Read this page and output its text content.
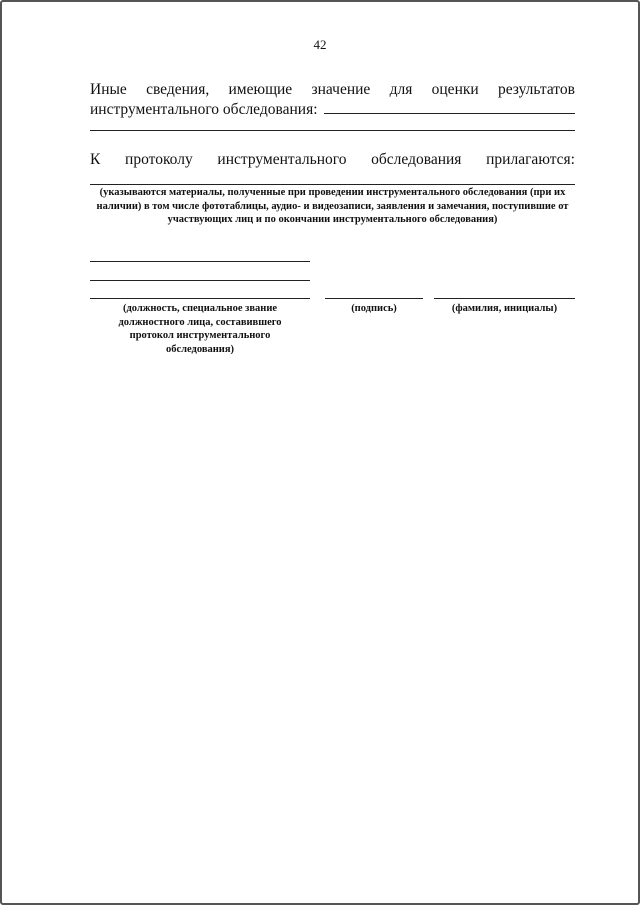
42
Иные сведения, имеющие значение для оценки результатов
инструментального обследования:
К протоколу инструментального обследования прилагаются:
(указываются материалы, полученные при проведении инструментального обследования (при их наличии) в том числе фототаблицы, аудио- и видеозаписи, заявления и замечания, поступившие от участвующих лиц и по окончании инструментального обследования)
(должность, специальное звание должностного лица, составившего протокол инструментального обследования)
(подпись)	(фамилия, инициалы)
